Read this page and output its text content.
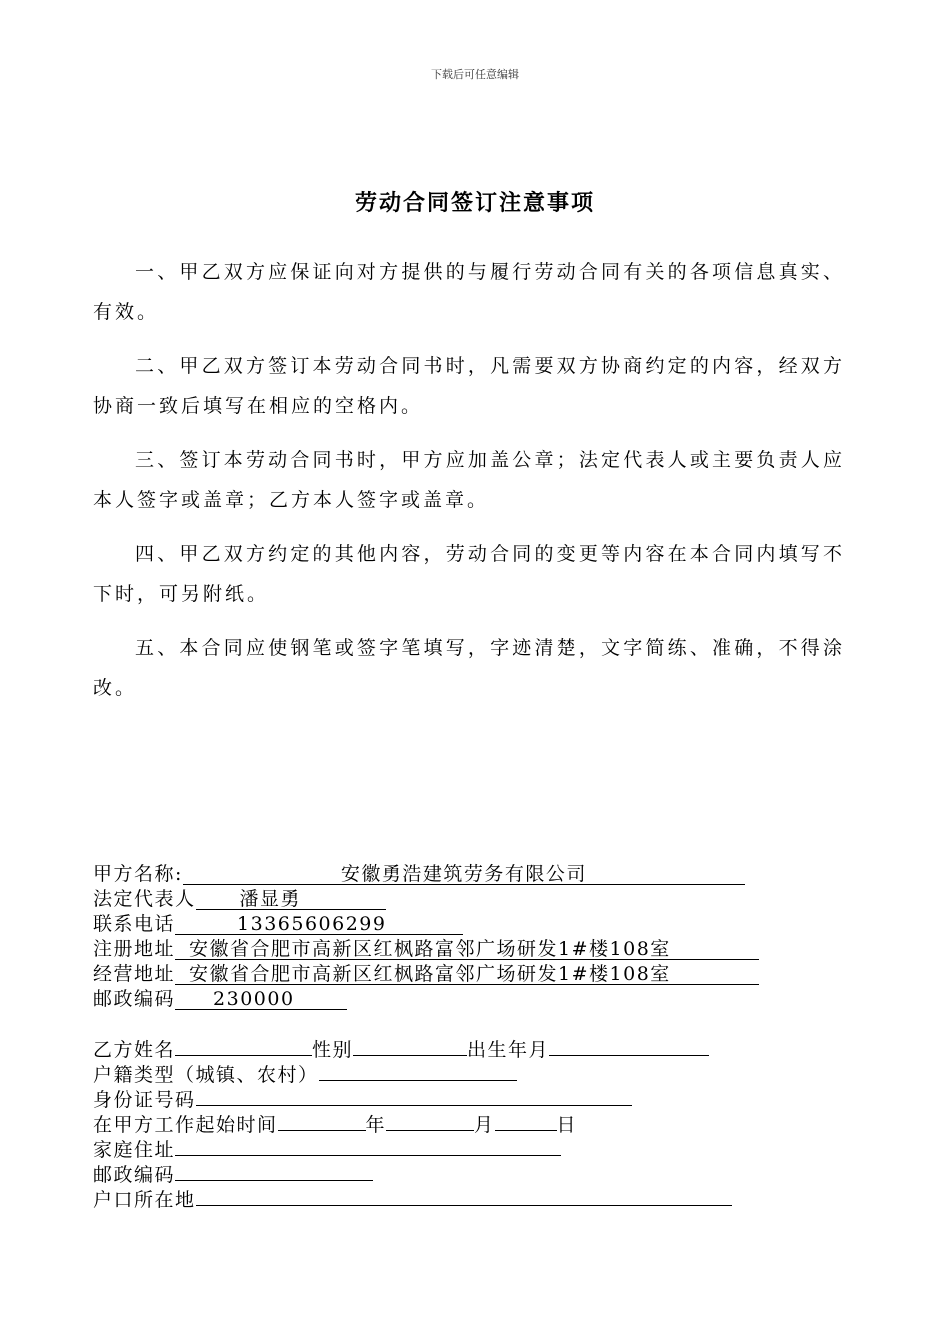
下载后可任意编辑
劳动合同签订注意事项

一、甲乙双方应保证向对方提供的与履行劳动合同有关的各项信息真实、有效。

二、甲乙双方签订本劳动合同书时，凡需要双方协商约定的内容，经双方协商一致后填写在相应的空格内。

三、签订本劳动合同书时，甲方应加盖公章；法定代表人或主要负责人应本人签字或盖章；乙方本人签字或盖章。

四、甲乙双方约定的其他内容，劳动合同的变更等内容在本合同内填写不下时，可另附纸。

五、本合同应使钢笔或签字笔填写，字迹清楚，文字简练、准确，不得涂改。

甲方名称:	安徽勇浩建筑劳务有限公司
法定代表人	潘显勇
联系电话	13365606299
注册地址 安徽省合肥市高新区红枫路富邻广场研发1#楼108室
经营地址 安徽省合肥市高新区红枫路富邻广场研发1#楼108室
邮政编码	230000
乙方姓名	性别	出生年月
户籍类型（城镇、农村）
身份证号码
在甲方工作起始时间	年	月	日
家庭住址
邮政编码
户口所在地
